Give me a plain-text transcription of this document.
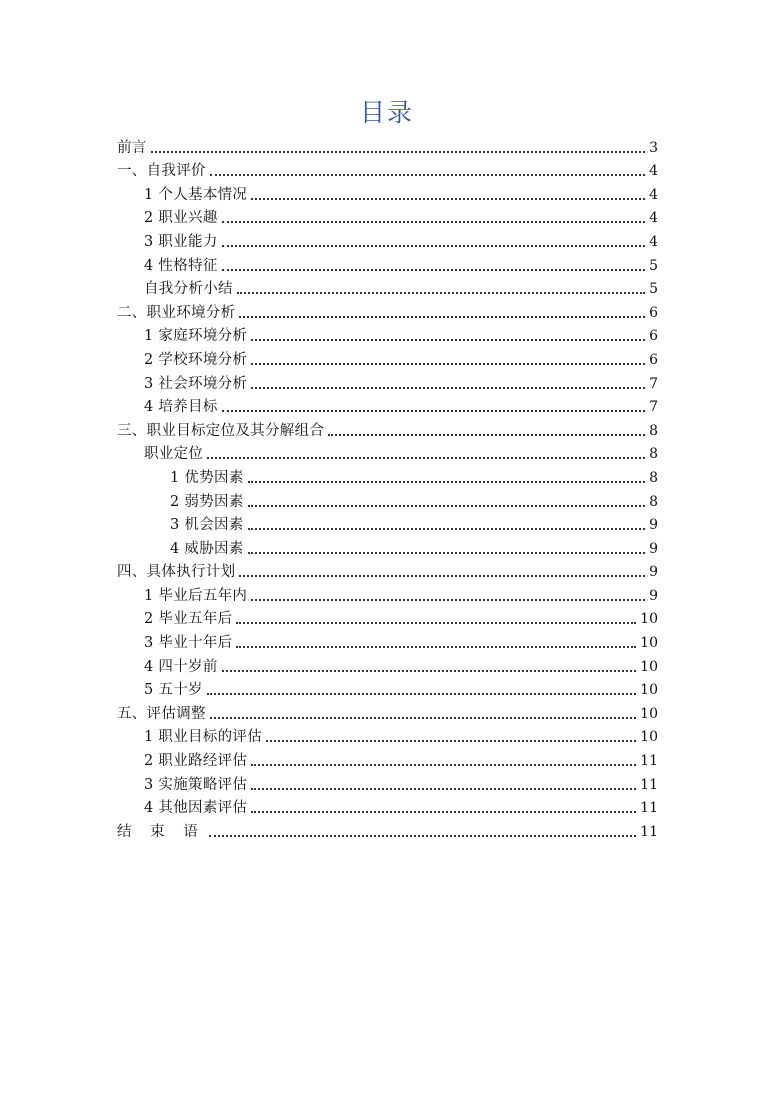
目录
前言	3
一、自我评价	4
1 个人基本情况	4
2 职业兴趣	4
3 职业能力	4
4 性格特征	5
自我分析小结	5
二、职业环境分析	6
1 家庭环境分析	6
2 学校环境分析	6
3 社会环境分析	7
4 培养目标	7
三、职业目标定位及其分解组合	8
职业定位	8
1 优势因素	8
2 弱势因素	8
3 机会因素	9
4 威胁因素	9
四、具体执行计划	9
1 毕业后五年内	9
2 毕业五年后	10
3 毕业十年后	10
4 四十岁前	10
5 五十岁	10
五、评估调整	10
1 职业目标的评估	10
2 职业路经评估	11
3 实施策略评估	11
4 其他因素评估	11
结 束 语	11
